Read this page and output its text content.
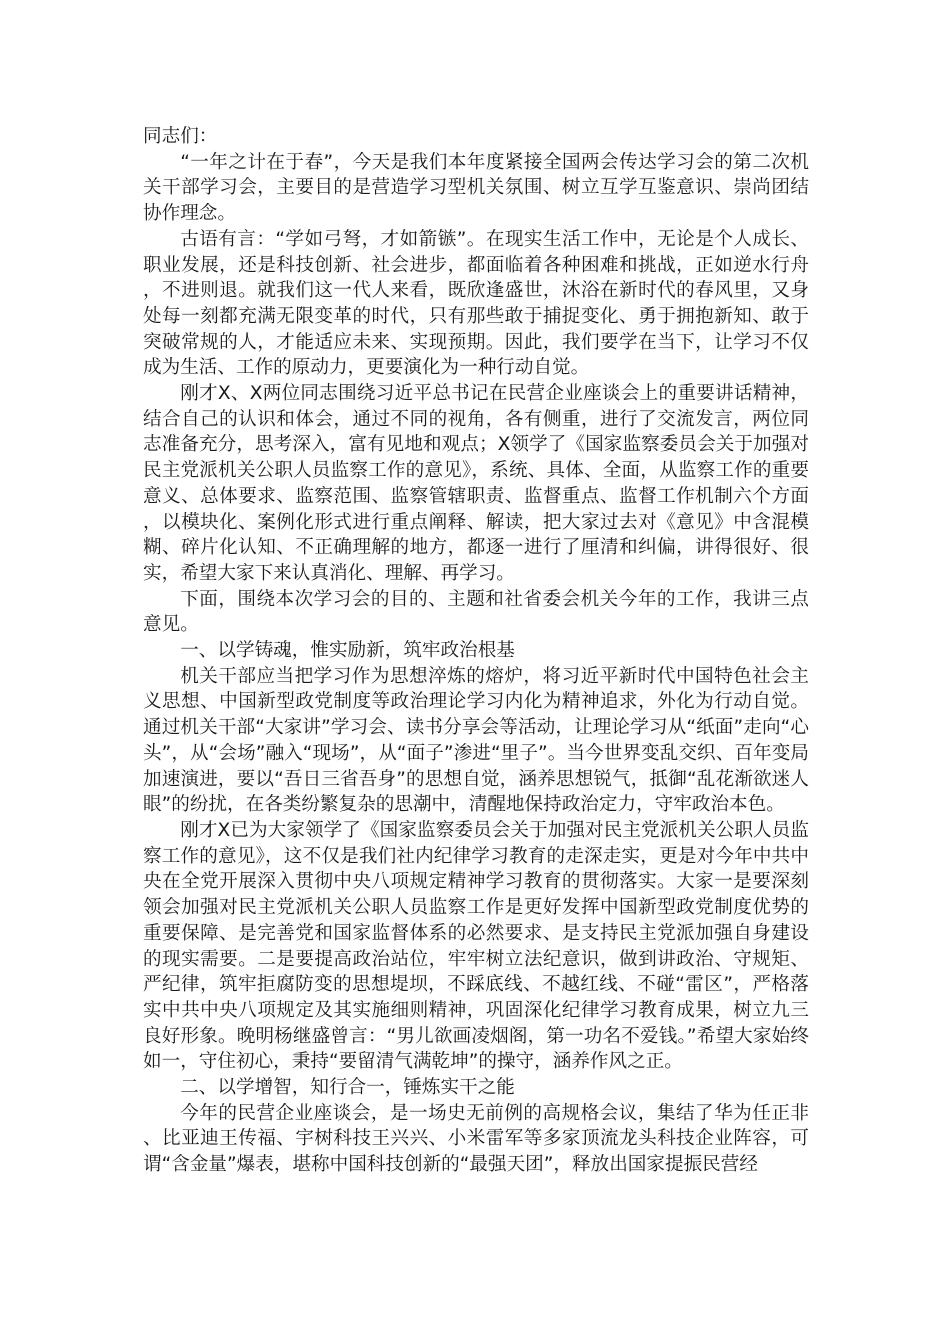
同志们：

“一年之计在于春”，今天是我们本年度紧接全国两会传达学习会的第二次机关干部学习会，主要目的是营造学习型机关氛围、树立互学互鉴意识、崇尚团结协作理念。

古语有言：“学如弓弩，才如箭镞”。在现实生活工作中，无论是个人成长、职业发展，还是科技创新、社会进步，都面临着各种困难和挑战，正如逆水行舟，不进则退。就我们这一代人来看，既欣逢盛世，沐浴在新时代的春风里，又身处每一刻都充满无限变革的时代，只有那些敢于捕捉变化、勇于拥抱新知、敢于突破常规的人，才能适应未来、实现预期。因此，我们要学在当下，让学习不仅成为生活、工作的原动力，更要演化为一种行动自觉。

刚才X、X两位同志围绕习近平总书记在民营企业座谈会上的重要讲话精神，结合自己的认识和体会，通过不同的视角，各有侧重，进行了交流发言，两位同志准备充分，思考深入，富有见地和观点；X领学了《国家监察委员会关于加强对民主党派机关公职人员监察工作的意见》，系统、具体、全面，从监察工作的重要意义、总体要求、监察范围、监察管辖职责、监督重点、监督工作机制六个方面，以模块化、案例化形式进行重点阐释、解读，把大家过去对《意见》中含混模糊、碎片化认知、不正确理解的地方，都逐一进行了厘清和纠偏，讲得很好、很实，希望大家下来认真消化、理解、再学习。

下面，围绕本次学习会的目的、主题和社省委会机关今年的工作，我讲三点意见。

一、以学铸魂，惟实励新，筑牢政治根基

机关干部应当把学习作为思想淬炼的熔炉，将习近平新时代中国特色社会主义思想、中国新型政党制度等政治理论学习内化为精神追求，外化为行动自觉。通过机关干部“大家讲”学习会、读书分享会等活动，让理论学习从“纸面”走向“心头”，从“会场”融入“现场”，从“面子”渗进“里子”。当今世界变乱交织、百年变局加速演进，要以“吾日三省吾身”的思想自觉，涵养思想锐气，抵御“乱花渐欲迷人眼”的纷扰，在各类纷繁复杂的思潮中，清醒地保持政治定力，守牢政治本色。

刚才X已为大家领学了《国家监察委员会关于加强对民主党派机关公职人员监察工作的意见》，这不仅是我们社内纪律学习教育的走深走实，更是对今年中共中央在全党开展深入贯彻中央八项规定精神学习教育的贯彻落实。大家一是要深刻领会加强对民主党派机关公职人员监察工作是更好发挥中国新型政党制度优势的重要保障、是完善党和国家监督体系的必然要求、是支持民主党派加强自身建设的现实需要。二是要提高政治站位，牢牢树立法纪意识，做到讲政治、守规矩、严纪律，筑牢拒腐防变的思想堤坝，不踩底线、不越红线、不碰“雷区”，严格落实中共中央八项规定及其实施细则精神，巩固深化纪律学习教育成果，树立九三良好形象。晚明杨继盛曾言：“男儿欲画凌烟阁，第一功名不爱钱。”希望大家始终如一，守住初心，秉持“要留清气满乾坤”的操守，涵养作风之正。

二、以学增智，知行合一，锤炼实干之能

今年的民营企业座谈会，是一场史无前例的高规格会议，集结了华为任正非、比亚迪王传福、宇树科技王兴兴、小米雷军等多家顶流龙头科技企业阵容，可谓“含金量”爆表，堪称中国科技创新的“最强天团”，释放出国家提振民营经
